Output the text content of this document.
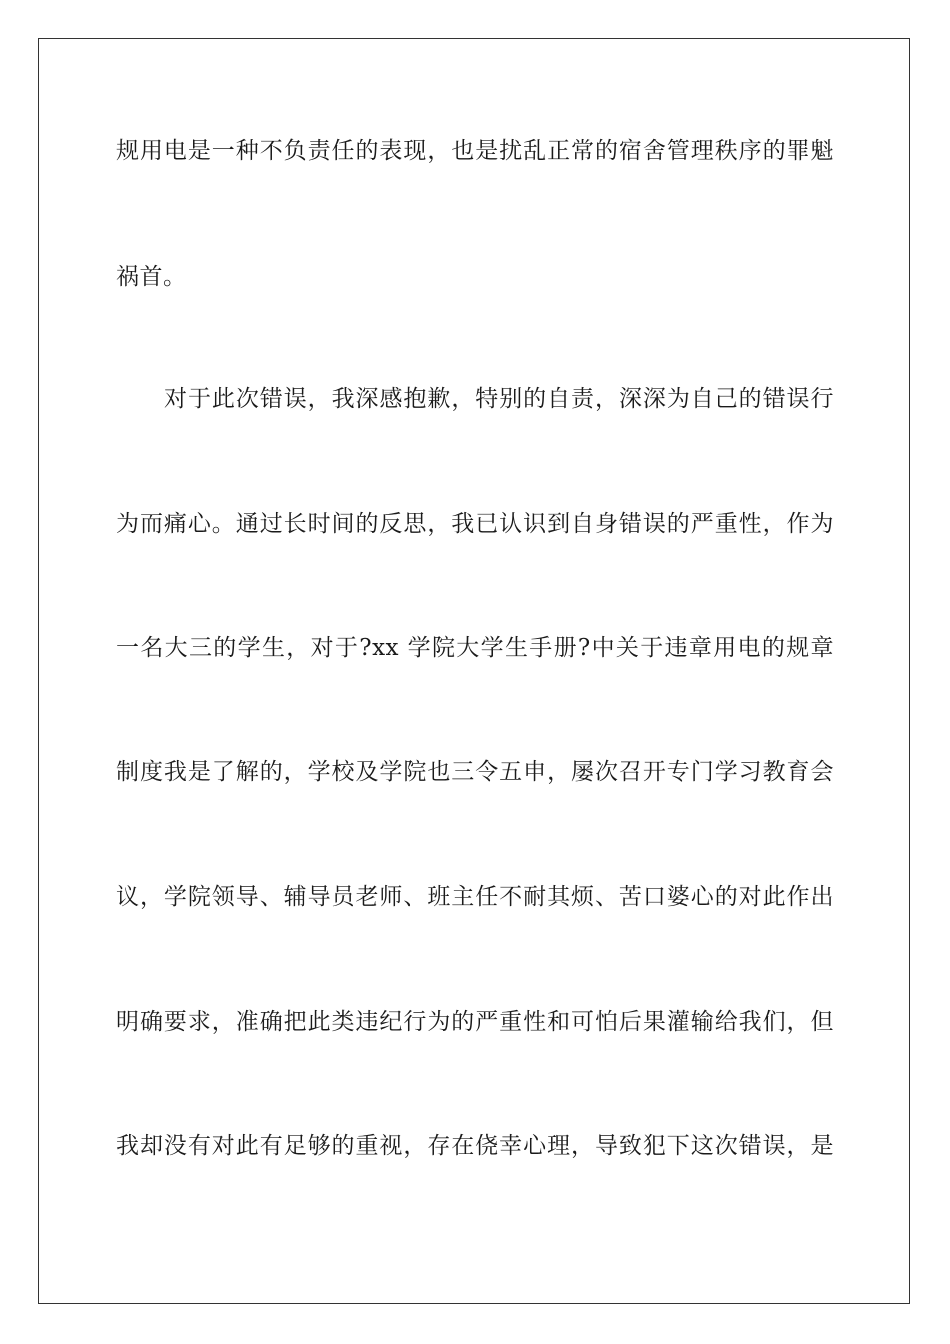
规用电是一种不负责任的表现，也是扰乱正常的宿舍管理秩序的罪魁
祸首。
对于此次错误，我深感抱歉，特别的自责，深深为自己的错误行
为而痛心。通过长时间的反思，我已认识到自身错误的严重性，作为
一名大三的学生，对于?xx 学院大学生手册?中关于违章用电的规章
制度我是了解的，学校及学院也三令五申，屡次召开专门学习教育会
议，学院领导、辅导员老师、班主任不耐其烦、苦口婆心的对此作出
明确要求，准确把此类违纪行为的严重性和可怕后果灌输给我们，但
我却没有对此有足够的重视，存在侥幸心理，导致犯下这次错误，是
